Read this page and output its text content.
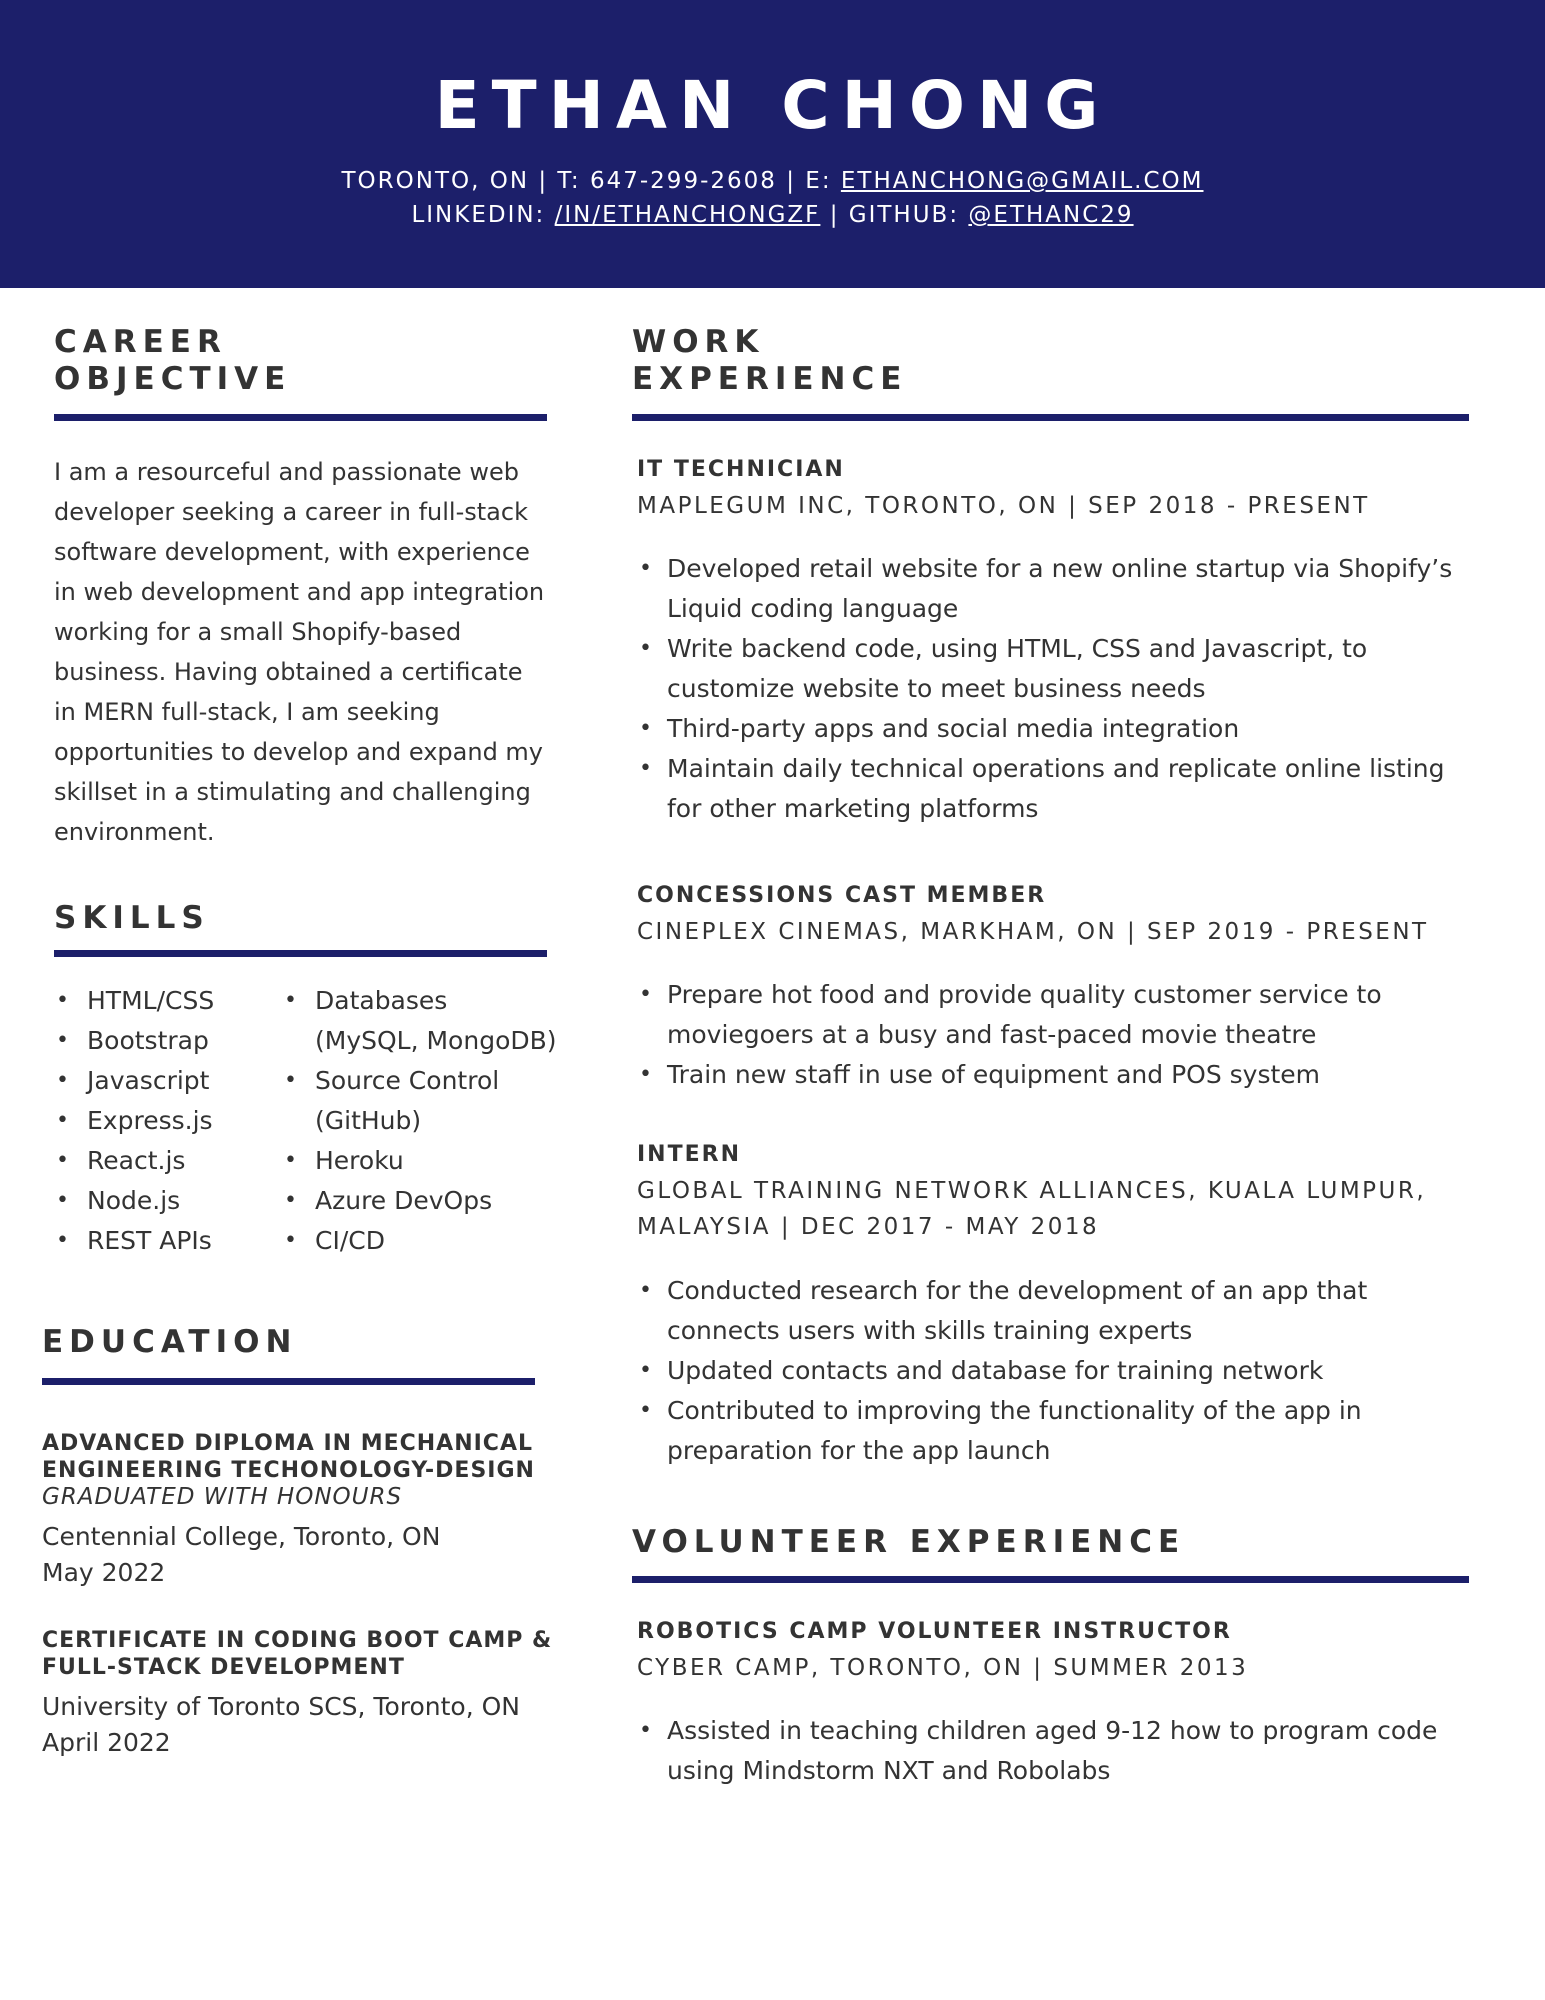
ETHAN CHONG
TORONTO, ON | T: 647-299-2608 | E: ETHANCHONG@GMAIL.COM
LINKEDIN: /IN/ETHANCHONGZF | GITHUB: @ETHANC29
CAREER
OBJECTIVE
I am a resourceful and passionate web
developer seeking a career in full-stack
software development, with experience
in web development and app integration
working for a small Shopify-based
business. Having obtained a certificate
in MERN full-stack, I am seeking
opportunities to develop and expand my
skillset in a stimulating and challenging
environment.
SKILLS
• HTML/CSS
• Bootstrap
• Javascript
• Express.js
• React.js
• Node.js
• REST APIs
• Databases
(MySQL, MongoDB)
• Source Control
(GitHub)
• Heroku
• Azure DevOps
• CI/CD
EDUCATION
ADVANCED DIPLOMA IN MECHANICAL
ENGINEERING TECHONOLOGY-DESIGN
GRADUATED WITH HONOURS
Centennial College, Toronto, ON
May 2022
CERTIFICATE IN CODING BOOT CAMP &
FULL-STACK DEVELOPMENT
University of Toronto SCS, Toronto, ON
April 2022
WORK
EXPERIENCE
IT TECHNICIAN
MAPLEGUM INC, TORONTO, ON | SEP 2018 - PRESENT
• Developed retail website for a new online startup via Shopify’s
Liquid coding language
• Write backend code, using HTML, CSS and Javascript, to
customize website to meet business needs
• Third-party apps and social media integration
• Maintain daily technical operations and replicate online listing
for other marketing platforms
CONCESSIONS CAST MEMBER
CINEPLEX CINEMAS, MARKHAM, ON | SEP 2019 - PRESENT
• Prepare hot food and provide quality customer service to
moviegoers at a busy and fast-paced movie theatre
• Train new staff in use of equipment and POS system
INTERN
GLOBAL TRAINING NETWORK ALLIANCES, KUALA LUMPUR,
MALAYSIA | DEC 2017 - MAY 2018
• Conducted research for the development of an app that
connects users with skills training experts
• Updated contacts and database for training network
• Contributed to improving the functionality of the app in
preparation for the app launch
VOLUNTEER EXPERIENCE
ROBOTICS CAMP VOLUNTEER INSTRUCTOR
CYBER CAMP, TORONTO, ON | SUMMER 2013
• Assisted in teaching children aged 9-12 how to program code
using Mindstorm NXT and Robolabs
